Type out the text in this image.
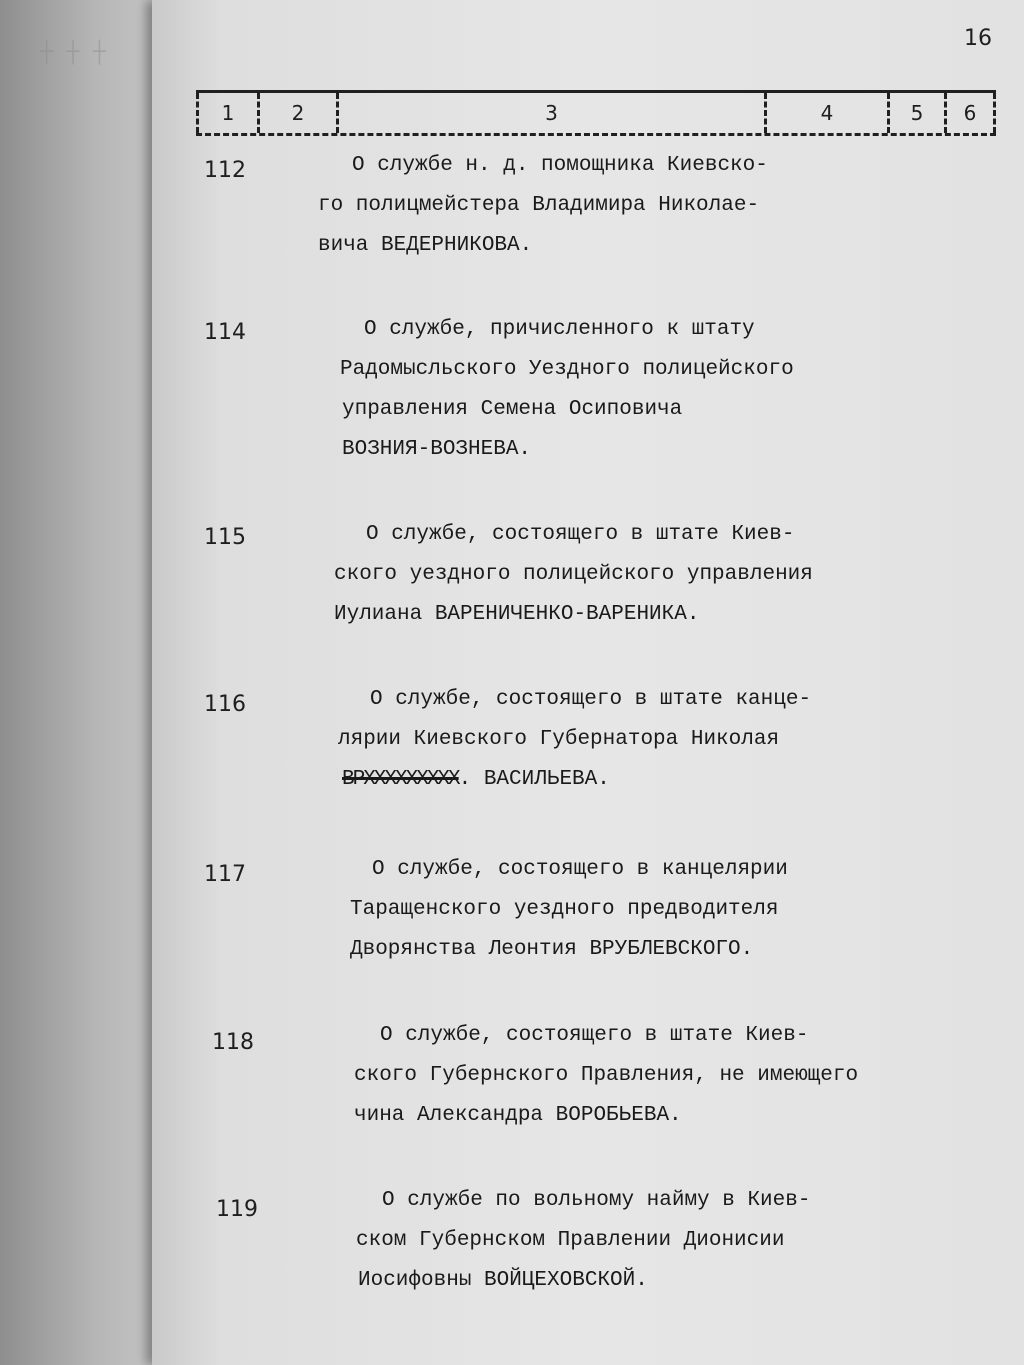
┼ ┼ ┼
16
1	2	3	4	5	6
112	О службе н. д. помощника Киевско-
го полицмейстера Владимира Николае-
вича ВЕДЕРНИКОВА.
114	О службе, причисленного к штату
Радомысльского Уездного полицейского
управления Семена Осиповича
ВОЗНИЯ-ВОЗНЕВА.
115	О службе, состоящего в штате Киев-
ского уездного полицейского управления
Иулиана ВАРЕНИЧЕНКО-ВАРЕНИКА.
116	О службе, состоящего в штате канце-
лярии Киевского Губернатора Николая
ВРХХХХХХХХХ. ВАСИЛЬЕВА.
117	О службе, состоящего в канцелярии
Таращенского уездного предводителя
Дворянства Леонтия ВРУБЛЕВСКОГО.
118	О службе, состоящего в штате Киев-
ского Губернского Правления, не имеющего
чина Александра ВОРОБЬЕВА.
119	О службе по вольному найму в Киев-
ском Губернском Правлении Дионисии
Иосифовны ВОЙЦЕХОВСКОЙ.
